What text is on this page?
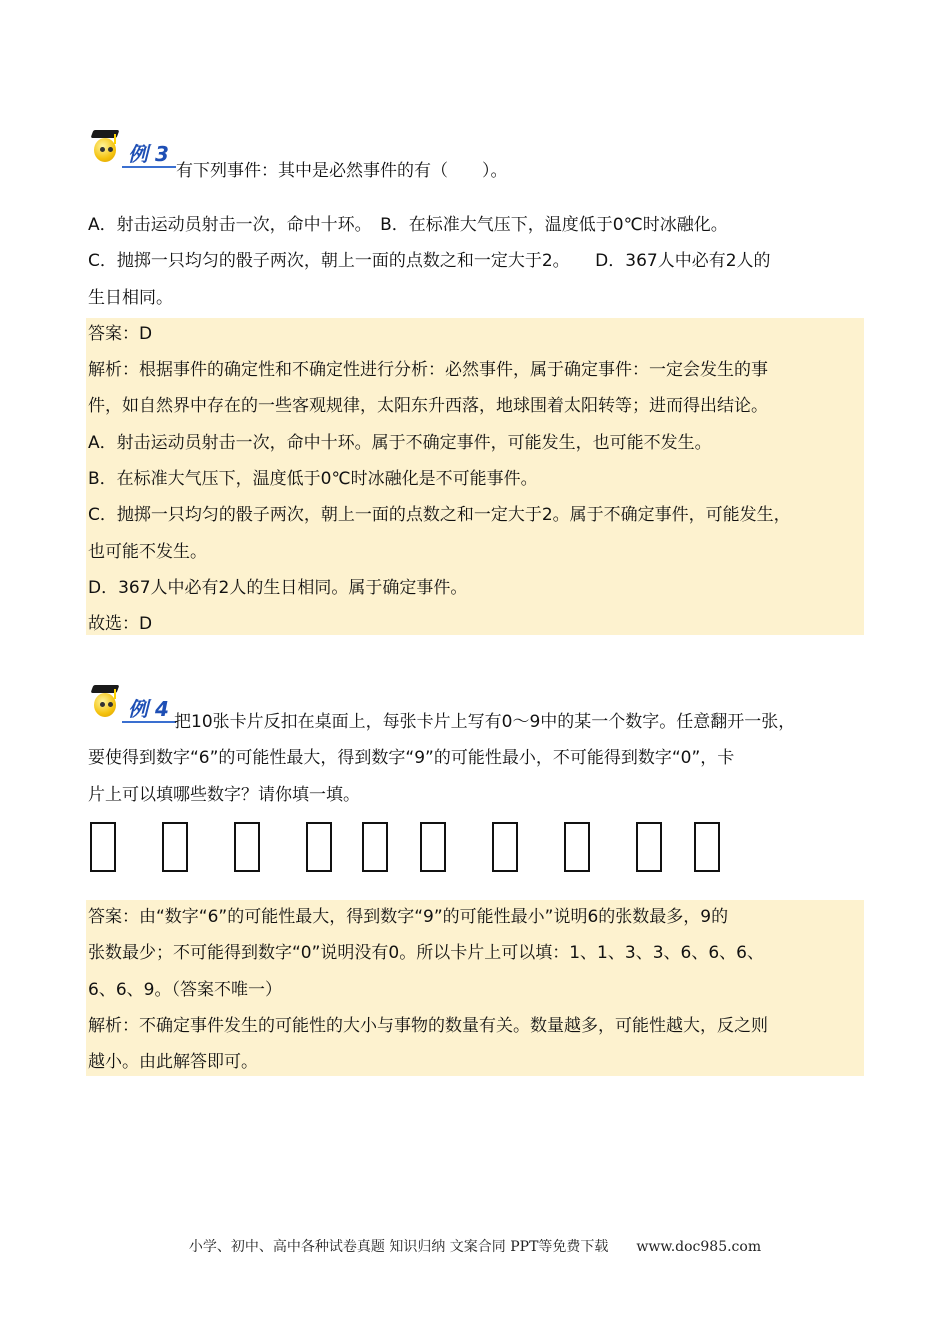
例 3
有下列事件：其中是必然事件的有（　　）。
A．射击运动员射击一次，命中十环。　B．在标准大气压下，温度低于0℃时冰融化。
C．抛掷一只均匀的骰子两次，朝上一面的点数之和一定大于2。　　D．367人中必有2人的
生日相同。
答案：D
解析：根据事件的确定性和不确定性进行分析：必然事件，属于确定事件：一定会发生的事
件，如自然界中存在的一些客观规律，太阳东升西落，地球围着太阳转等；进而得出结论。
A．射击运动员射击一次，命中十环。属于不确定事件，可能发生，也可能不发生。
B．在标准大气压下，温度低于0℃时冰融化是不可能事件。
C．抛掷一只均匀的骰子两次，朝上一面的点数之和一定大于2。属于不确定事件，可能发生，
也可能不发生。
D．367人中必有2人的生日相同。属于确定事件。
故选：D
例 4
把10张卡片反扣在桌面上，每张卡片上写有0～9中的某一个数字。任意翻开一张，
要使得到数字“6”的可能性最大，得到数字“9”的可能性最小，不可能得到数字“0”，卡
片上可以填哪些数字？请你填一填。
答案：由“数字“6”的可能性最大，得到数字“9”的可能性最小”说明6的张数最多，9的
张数最少；不可能得到数字“0”说明没有0。所以卡片上可以填：1、1、3、3、6、6、6、
6、6、9。（答案不唯一）
解析：不确定事件发生的可能性的大小与事物的数量有关。数量越多，可能性越大，反之则
越小。由此解答即可。
小学、初中、高中各种试卷真题 知识归纳 文案合同 PPT等免费下载　　www.doc985.com
